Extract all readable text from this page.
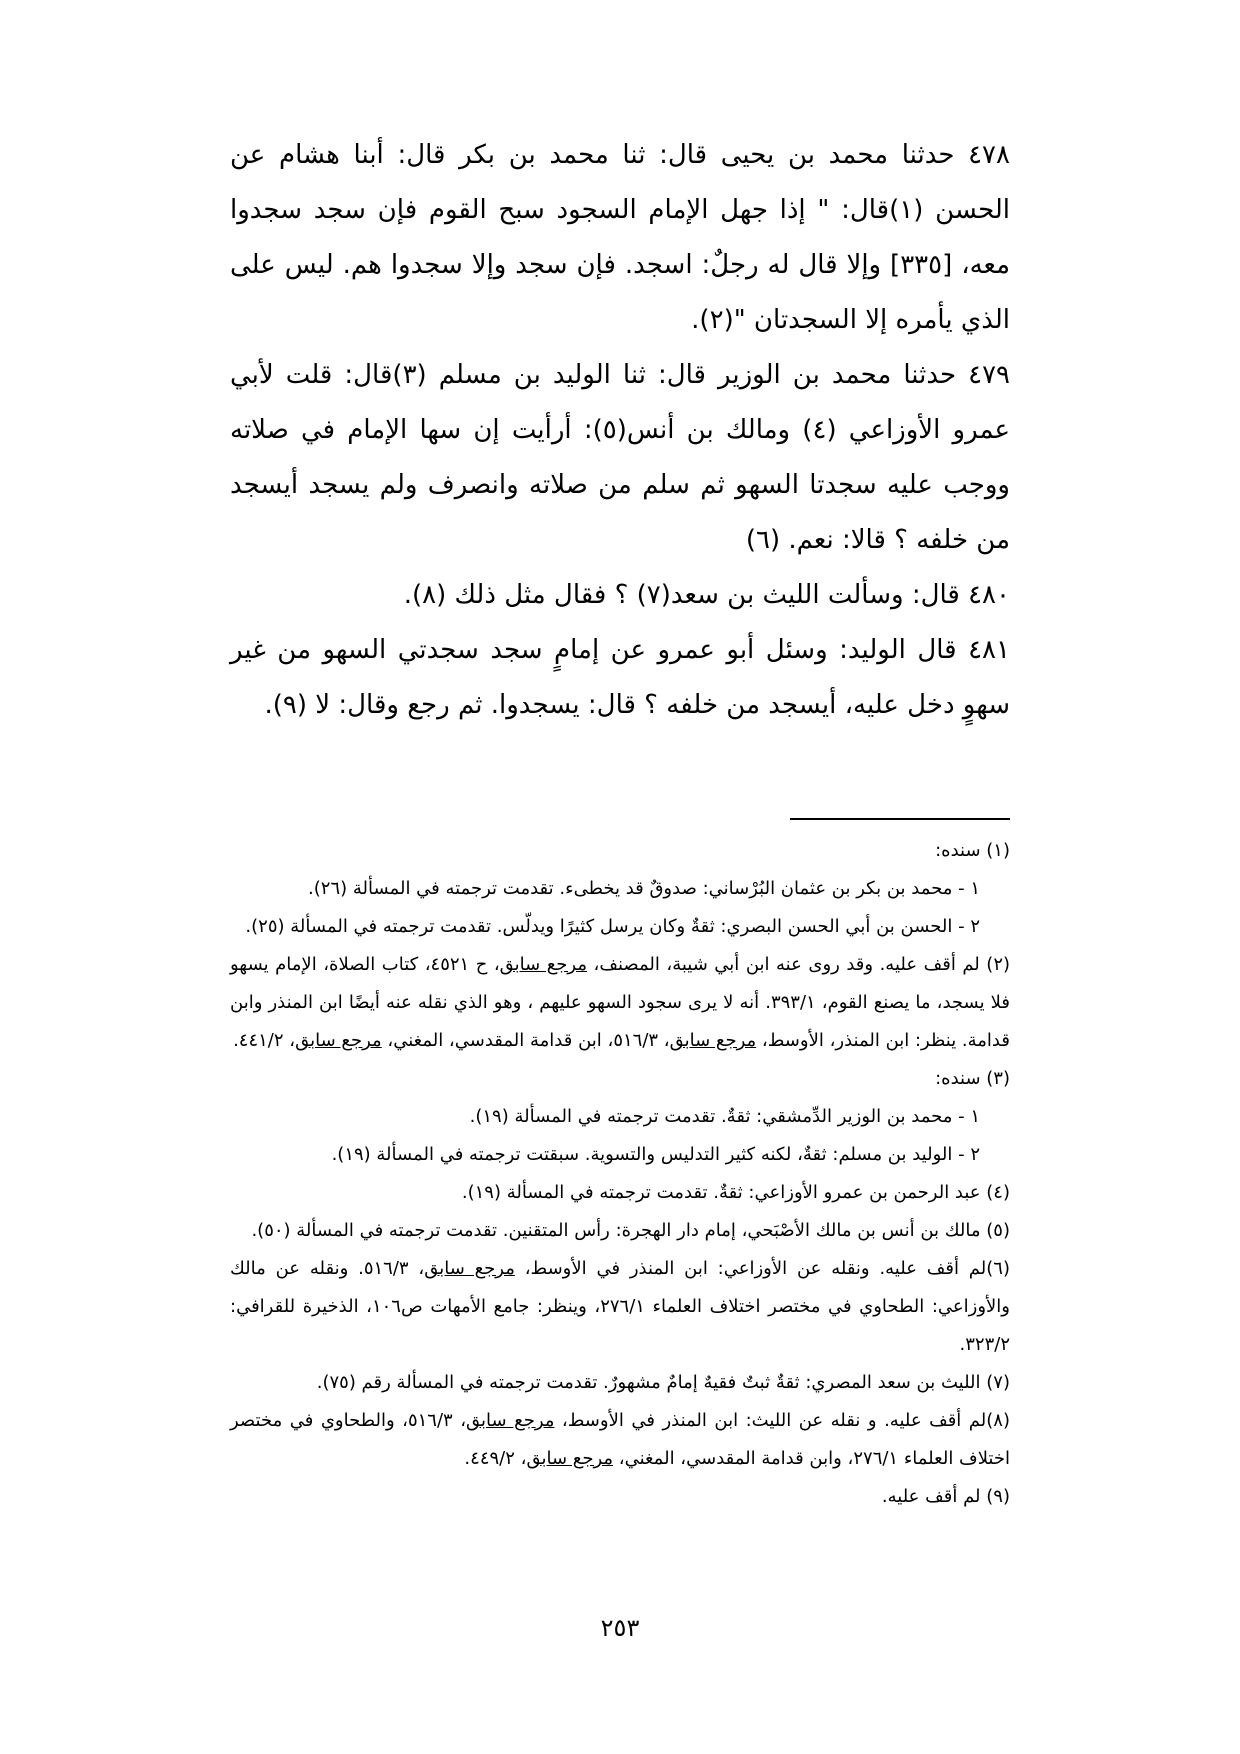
٤٧٨ حدثنا محمد بن يحيى قال: ثنا محمد بن بكر قال: أبنا هشام عن الحسن (١)قال: " إذا جهل الإمام السجود سبح القوم فإن سجد سجدوا معه، [٣٣٥] وإلا قال له رجلٌ: اسجد. فإن سجد وإلا سجدوا هم. ليس على الذي يأمره إلا السجدتان "(٢).

٤٧٩ حدثنا محمد بن الوزير قال: ثنا الوليد بن مسلم (٣)قال: قلت لأبي عمرو الأوزاعي (٤) ومالك بن أنس(٥): أرأيت إن سها الإمام في صلاته ووجب عليه سجدتا السهو ثم سلم من صلاته وانصرف ولم يسجد أيسجد من خلفه ؟ قالا: نعم. (٦)

٤٨٠ قال: وسألت الليث بن سعد(٧) ؟ فقال مثل ذلك (٨).

٤٨١ قال الوليد: وسئل أبو عمرو عن إمامٍ سجد سجدتي السهو من غير سهوٍ دخل عليه، أيسجد من خلفه ؟ قال: يسجدوا. ثم رجع وقال: لا (٩).

(١) سنده:

١ - محمد بن بكر بن عثمان البُرْساني: صدوقٌ قد يخطىء. تقدمت ترجمته في المسألة (٢٦).

٢ - الحسن بن أبي الحسن البصري: ثقةٌ وكان يرسل كثيرًا ويدلّس. تقدمت ترجمته في المسألة (٢٥).

(٢) لم أقف عليه. وقد روى عنه ابن أبي شيبة، المصنف، مرجع سابق، ح ٤٥٢١، كتاب الصلاة، الإمام يسهو فلا يسجد، ما يصنع القوم، ٣٩٣/١. أنه لا يرى سجود السهو عليهم ، وهو الذي نقله عنه أيضًا ابن المنذر وابن قدامة. ينظر: ابن المنذر، الأوسط، مرجع سابق، ٥١٦/٣، ابن قدامة المقدسي، المغني، مرجع سابق، ٤٤١/٢.

(٣) سنده:

١ - محمد بن الوزير الدِّمشقي: ثقةٌ. تقدمت ترجمته في المسألة (١٩).

٢ - الوليد بن مسلم: ثقةٌ، لكنه كثير التدليس والتسوية. سبقتت ترجمته في المسألة (١٩).

(٤) عبد الرحمن بن عمرو الأوزاعي: ثقةٌ. تقدمت ترجمته في المسألة (١٩).

(٥) مالك بن أنس بن مالك الأصْبَحي، إمام دار الهجرة: رأس المتقنين. تقدمت ترجمته في المسألة (٥٠).

(٦)لم أقف عليه. ونقله عن الأوزاعي: ابن المنذر في الأوسط، مرجع سابق، ٥١٦/٣. ونقله عن مالك والأوزاعي: الطحاوي في مختصر اختلاف العلماء ٢٧٦/١، وينظر: جامع الأمهات ص١٠٦، الذخيرة للقرافي: ٣٢٣/٢.

(٧) الليث بن سعد المصري: ثقةٌ ثبتٌ فقيهٌ إمامٌ مشهورٌ. تقدمت ترجمته في المسألة رقم (٧٥).

(٨)لم أقف عليه. و نقله عن الليث: ابن المنذر في الأوسط، مرجع سابق، ٥١٦/٣، والطحاوي في مختصر اختلاف العلماء ٢٧٦/١، وابن قدامة المقدسي، المغني، مرجع سابق، ٤٤٩/٢.

(٩) لم أقف عليه.

٢٥٣
